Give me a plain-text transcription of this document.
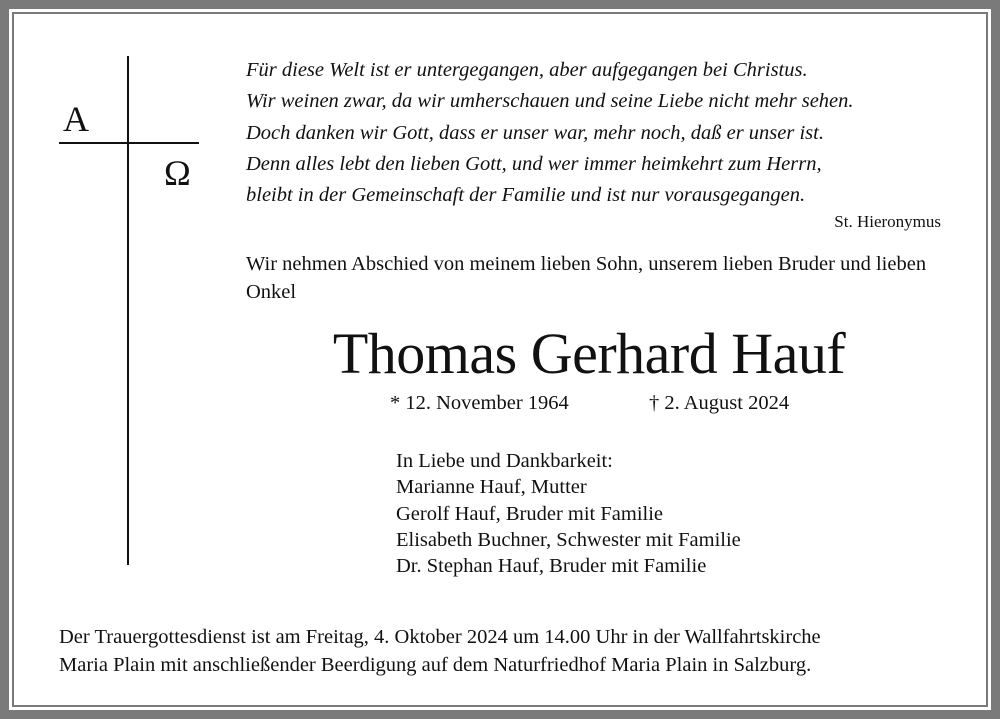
A
Ω
Für diese Welt ist er untergegangen, aber aufgegangen bei Christus.
Wir weinen zwar, da wir umherschauen und seine Liebe nicht mehr sehen.
Doch danken wir Gott, dass er unser war, mehr noch, daß er unser ist.
Denn alles lebt den lieben Gott, und wer immer heimkehrt zum Herrn,
bleibt in der Gemeinschaft der Familie und ist nur vorausgegangen.
St. Hieronymus
Wir nehmen Abschied von meinem lieben Sohn, unserem lieben Bruder und lieben Onkel
Thomas Gerhard Hauf
* 12. November 1964	† 2. August 2024
In Liebe und Dankbarkeit:
Marianne Hauf, Mutter
Gerolf Hauf, Bruder mit Familie
Elisabeth Buchner, Schwester mit Familie
Dr. Stephan Hauf, Bruder mit Familie
Der Trauergottesdienst ist am Freitag, 4. Oktober 2024 um 14.00 Uhr in der Wallfahrtskirche
Maria Plain mit anschließender Beerdigung auf dem Naturfriedhof Maria Plain in Salzburg.
